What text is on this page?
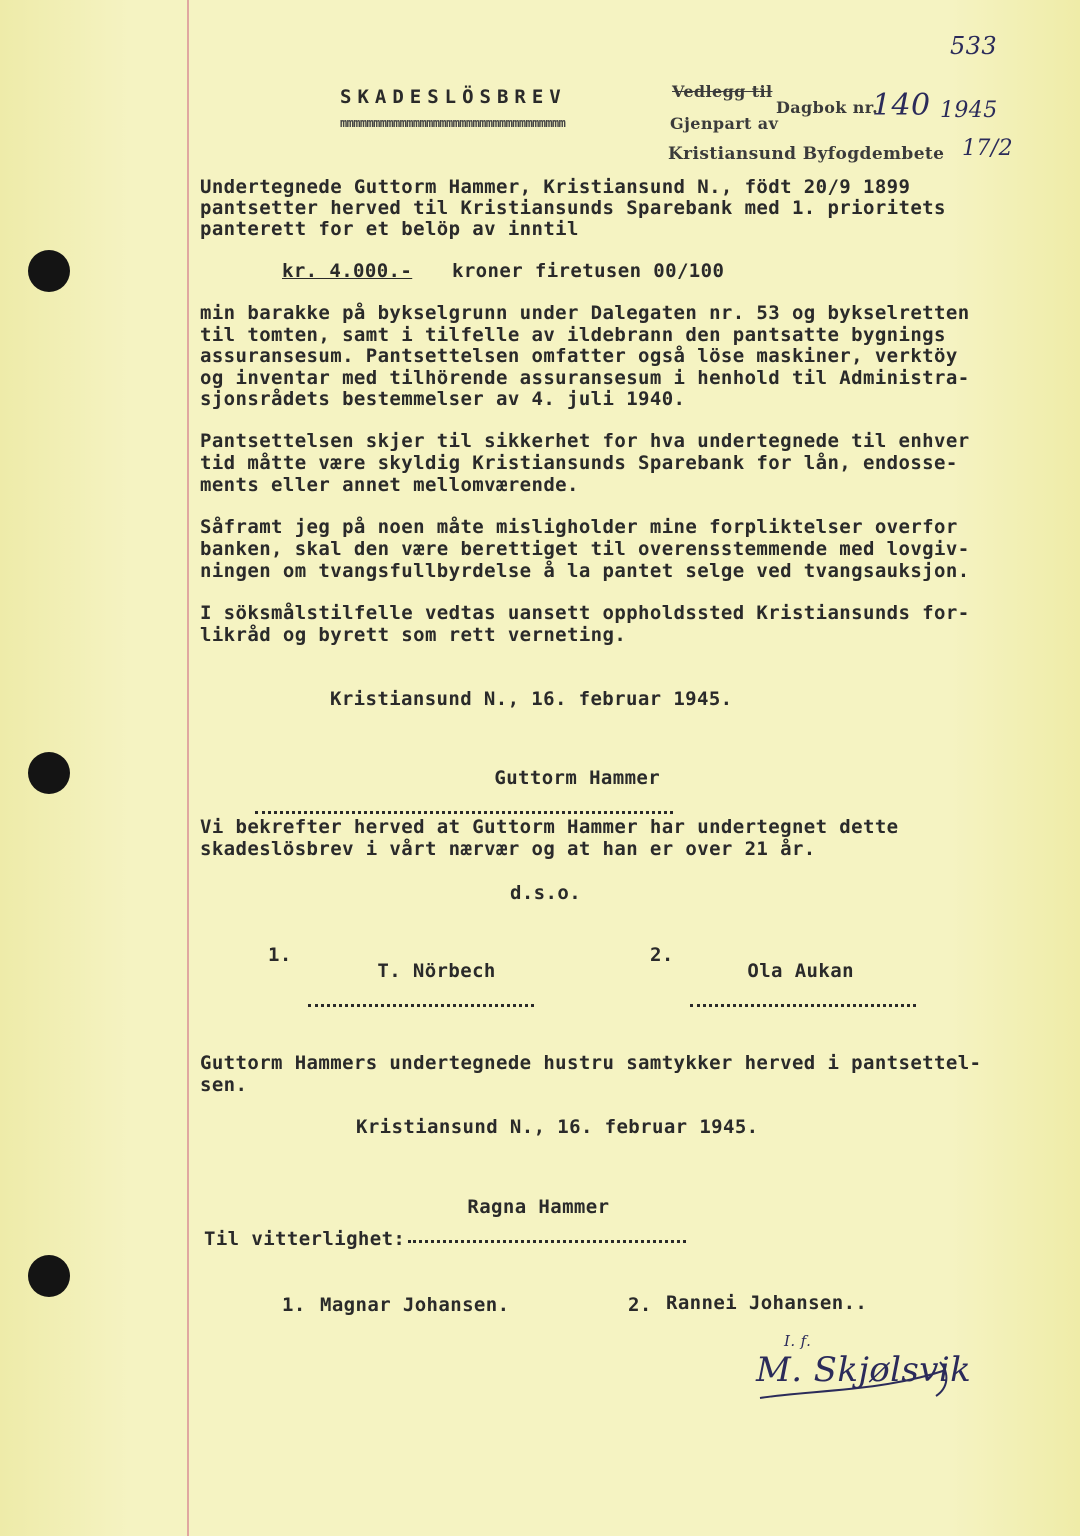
533
SKADESLÖSBREV
mmmmmmmmmmmmmmmmmmmmmmmmmmmmmmmmmm
Vedlegg til
Gjenpart av
Dagbok nr.
140 1945
Kristiansund Byfogdembete 17/2
Undertegnede Guttorm Hammer, Kristiansund N., födt 20/9 1899
pantsetter herved til Kristiansunds Sparebank med 1. prioritets
panterett for et belöp av inntil
kr. 4.000.- kroner firetusen 00/100
min barakke på bykselgrunn under Dalegaten nr. 53 og bykselretten
til tomten, samt i tilfelle av ildebrann den pantsatte bygnings
assuransesum. Pantsettelsen omfatter også löse maskiner, verktöy
og inventar med tilhörende assuransesum i henhold til Administra-
sjonsrådets bestemmelser av 4. juli 1940.
Pantsettelsen skjer til sikkerhet for hva undertegnede til enhver
tid måtte være skyldig Kristiansunds Sparebank for lån, endosse-
ments eller annet mellomværende.
Såframt jeg på noen måte misligholder mine forpliktelser overfor
banken, skal den være berettiget til overensstemmende med lovgiv-
ningen om tvangsfullbyrdelse å la pantet selge ved tvangsauksjon.
I söksmålstilfelle vedtas uansett oppholdssted Kristiansunds for-
likråd og byrett som rett verneting.
Kristiansund N., 16. februar 1945.

Guttorm Hammer

Vi bekrefter herved at Guttorm Hammer har undertegnet dette
skadeslösbrev i vårt nærvær og at han er over 21 år.
d.s.o.
1.

T. Nörbech

2.

Ola Aukan

Guttorm Hammers undertegnede hustru samtykker herved i pantsettel-
sen.
Kristiansund N., 16. februar 1945.

Ragna Hammer

Til vitterlighet:
1. Magnar Johansen.	2. Rannei Johansen..
I. f.
M. Skjølsvik
